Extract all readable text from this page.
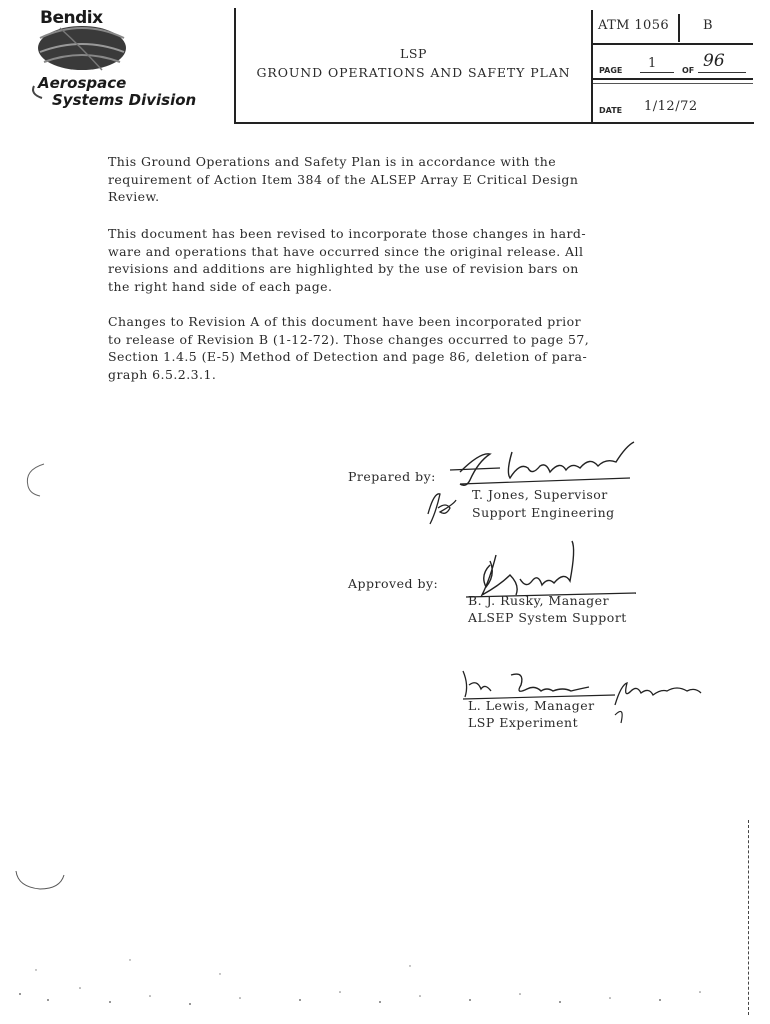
Bendix
Aerospace
Systems Division
LSP
GROUND OPERATIONS AND SAFETY PLAN
ATM 1056	B
PAGE 1	OF 96
DATE 1/12/72
This Ground Operations and Safety Plan is in accordance with the
requirement of Action Item 384 of the ALSEP Array E Critical Design
Review.
This document has been revised to incorporate those changes in hard-
ware and operations that have occurred since the original release. All
revisions and additions are highlighted by the use of revision bars on
the right hand side of each page.
Changes to Revision A of this document have been incorporated prior
to release of Revision B (1-12-72). Those changes occurred to page 57,
Section 1.4.5 (E-5) Method of Detection and page 86, deletion of para-
graph 6.5.2.3.1.
Prepared by:
T. Jones, Supervisor
Support Engineering
Approved by:
B. J. Rusky, Manager
ALSEP System Support
L. Lewis, Manager
LSP Experiment
